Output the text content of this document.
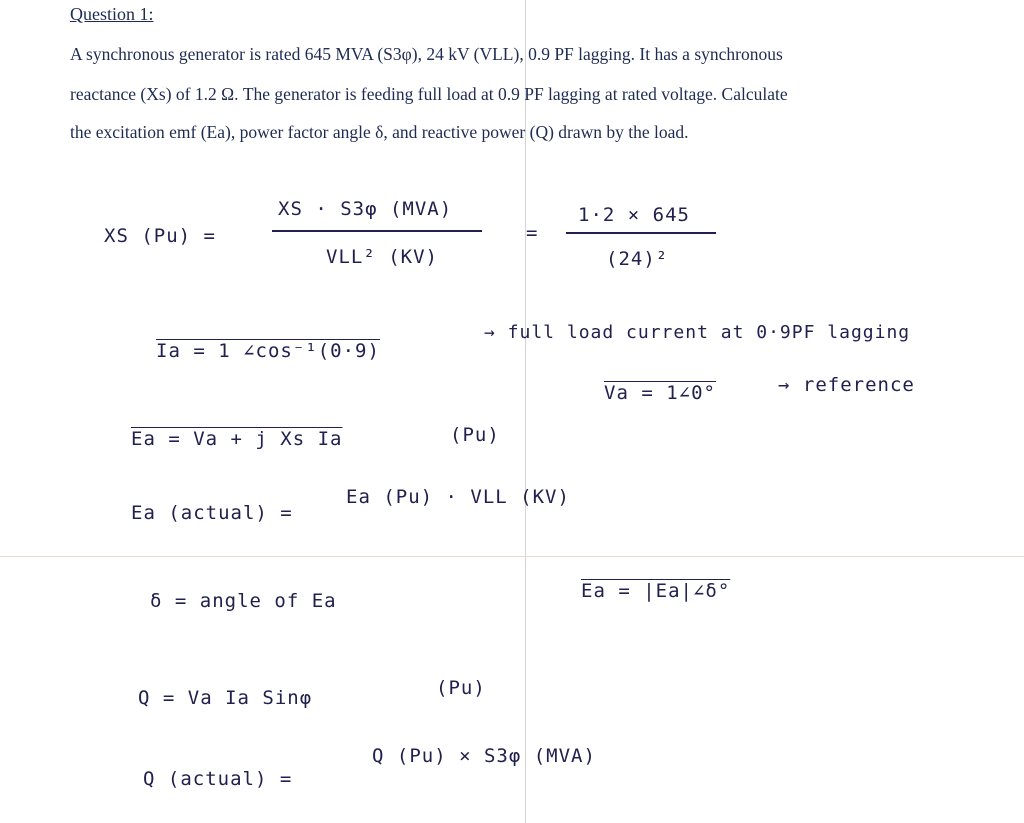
Question 1:
A synchronous generator is rated 645 MVA (S3φ), 24 kV (VLL), 0.9 PF lagging. It has a synchronous
reactance (Xs) of 1.2 Ω. The generator is feeding full load at 0.9 PF lagging at rated voltage. Calculate
the excitation emf (Ea), power factor angle δ, and reactive power (Q) drawn by the load.
XS (Pu) =
XS · S3φ (MVA)
VLL² (KV)
=
1·2 × 645
(24)²
Ia = 1 ∠cos⁻¹(0·9)
→ full load current at 0·9PF lagging
Va = 1∠0°	→ reference
Ea = Va + j Xs Ia	(Pu)
Ea (actual) =
Ea (Pu) · VLL (KV)
δ = angle of Ea	Ea = |Ea|∠δ°
Q = Va Ia Sinφ	(Pu)
Q (actual) =
Q (Pu) × S3φ (MVA)
